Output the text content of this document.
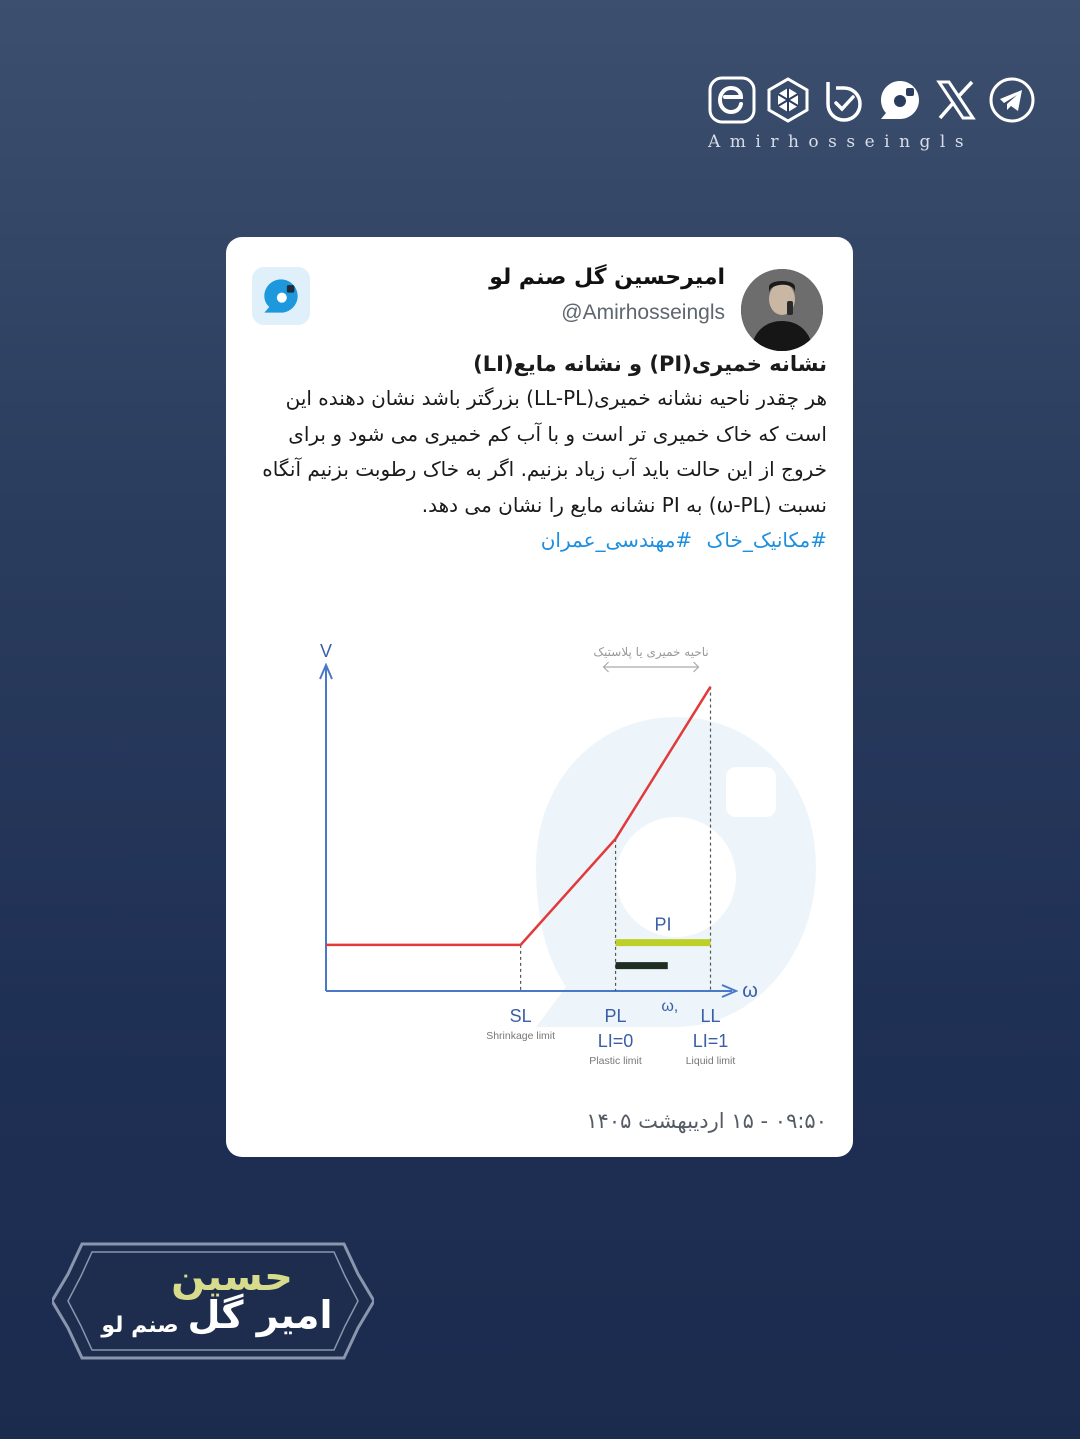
Amirhosseingls
امیرحسین گل صنم لو
@Amirhosseingls
نشانه خمیری(PI) و نشانه مایع(LI)
هر چقدر ناحیه نشانه خمیری(LL-PL) بزرگتر باشد نشان دهنده این است که خاک خمیری تر است و با آب کم خمیری می شود و برای خروج از این حالت باید آب زیاد بزنیم. اگر به خاک رطوبت بزنیم آنگاه نسبت (ω-PL) به PI نشانه مایع را نشان می دهد.
#مکانیک_خاک #مهندسی_عمران
V
ω
SL
Shrinkage limit
PL
LI=0
Plastic limit
LL
LI=1
Liquid limit
PI
ω,
ناحیه خمیری یا پلاستیک
۰۹:۵۰ - ۱۵ اردیبهشت ۱۴۰۵
حسین
امیر گل
صنم لو
